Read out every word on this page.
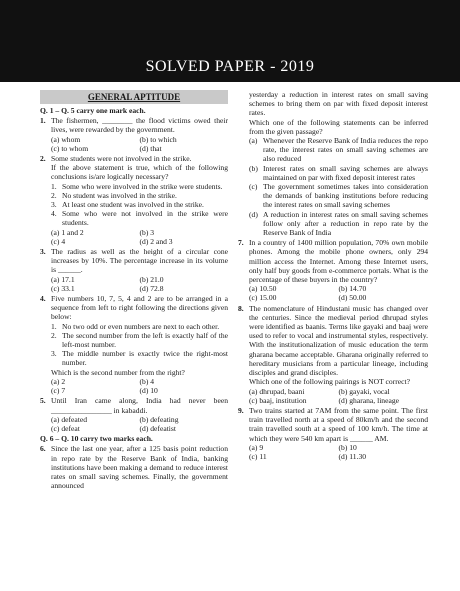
SOLVED PAPER - 2019
GENERAL APTITUDE
Q. 1 – Q. 5 carry one mark each.
1. The fishermen, ________ the flood victims owed their lives, were rewarded by the government.
(a) whom	(b) to which
(c) to whom	(d) that
2. Some students were not involved in the strike.
If the above statement is true, which of the following conclusions is/are logically necessary?
1. Some who were involved in the strike were students.
2. No student was involved in the strike.
3. At least one student was involved in the strike.
4. Some who were not involved in the strike were students.
(a) 1 and 2	(b) 3
(c) 4	(d) 2 and 3
3. The radius as well as the height of a circular cone increases by 10%. The percentage increase in its volume is ______.
(a) 17.1	(b) 21.0
(c) 33.1	(d) 72.8
4. Five numbers 10, 7, 5, 4 and 2 are to be arranged in a sequence from left to right following the directions given below:
1. No two odd or even numbers are next to each other.
2. The second number from the left is exactly half of the left-most number.
3. The middle number is exactly twice the right-most number.
Which is the second number from the right?
(a) 2	(b) 4
(c) 7	(d) 10
5. Until Iran came along, India had never been ________________ in kabaddi.
(a) defeated	(b) defeating
(c) defeat	(d) defeatist
Q. 6 – Q. 10 carry two marks each.
6. Since the last one year, after a 125 basis point reduction in repo rate by the Reserve Bank of India, banking institutions have been making a demand to reduce interest rates on small saving schemes. Finally, the government announced
yesterday a reduction in interest rates on small saving schemes to bring them on par with fixed deposit interest rates.
Which one of the following statements can be inferred from the given passage?
(a) Whenever the Reserve Bank of India reduces the repo rate, the interest rates on small saving schemes are also reduced
(b) Interest rates on small saving schemes are always maintained on par with fixed deposit interest rates
(c) The government sometimes takes into consideration the demands of banking institutions before reducing the interest rates on small saving schemes
(d) A reduction in interest rates on small saving schemes follow only after a reduction in repo rate by the Reserve Bank of India
7. In a country of 1400 million population, 70% own mobile phones. Among the mobile phone owners, only 294 million access the Internet. Among these Internet users, only half buy goods from e-commerce portals. What is the percentage of these buyers in the country?
(a) 10.50	(b) 14.70
(c) 15.00	(d) 50.00
8. The nomenclature of Hindustani music has changed over the centuries. Since the medieval period dhrupad styles were identified as baanis. Terms like gayaki and baaj were used to refer to vocal and instrumental styles, respectively. With the institutionalization of music education the term gharana became acceptable. Gharana originally referred to hereditary musicians from a particular lineage, including disciples and grand disciples.
Which one of the following pairings is NOT correct?
(a) dhrupad, baani	(b) gayaki, vocal
(c) baaj, institution	(d) gharana, lineage
9. Two trains started at 7AM from the same point. The first train travelled north at a speed of 80km/h and the second train travelled south at a speed of 100 km/h. The time at which they were 540 km apart is ______ AM.
(a) 9	(b) 10
(c) 11	(d) 11.30
